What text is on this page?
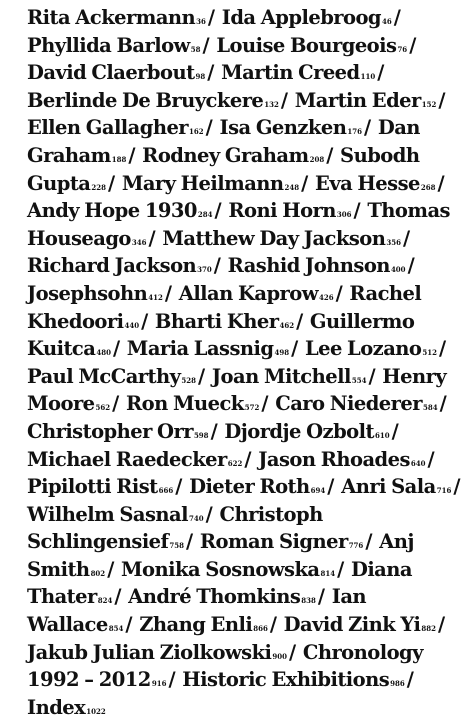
Rita Ackermann36 / Ida Applebroog46 / Phyllida Barlow58 / Louise Bourgeois76 / David Claerbout98 / Martin Creed110 / Berlinde De Bruyckere132 / Martin Eder152 / Ellen Gallagher162 / Isa Genzken176 / Dan Graham188 / Rodney Graham208 / Subodh Gupta228 / Mary Heilmann248 / Eva Hesse268 / Andy Hope 1930284 / Roni Horn306 / Thomas Houseago346 / Matthew Day Jackson356 / Richard Jackson370 / Rashid Johnson400 / Josephsohn412 / Allan Kaprow426 / Rachel Khedoori440 / Bharti Kher462 / Guillermo Kuitca480 / Maria Lassnig498 / Lee Lozano512 / Paul McCarthy528 / Joan Mitchell554 / Henry Moore562 / Ron Mueck572 / Caro Niederer584 / Christopher Orr598 / Djordje Ozbolt610 / Michael Raedecker622 / Jason Rhoades640 / Pipilotti Rist666 / Dieter Roth694 / Anri Sala716 / Wilhelm Sasnal740 / Christoph Schlingensief758 / Roman Signer776 / Anj Smith802 / Monika Sosnowska814 / Diana Thater824 / André Thomkins838 / Ian Wallace854 / Zhang Enli866 / David Zink Yi882 / Jakub Julian Ziolkowski900 / Chronology 1992 – 2012916 / Historic Exhibitions986 / Index1022
